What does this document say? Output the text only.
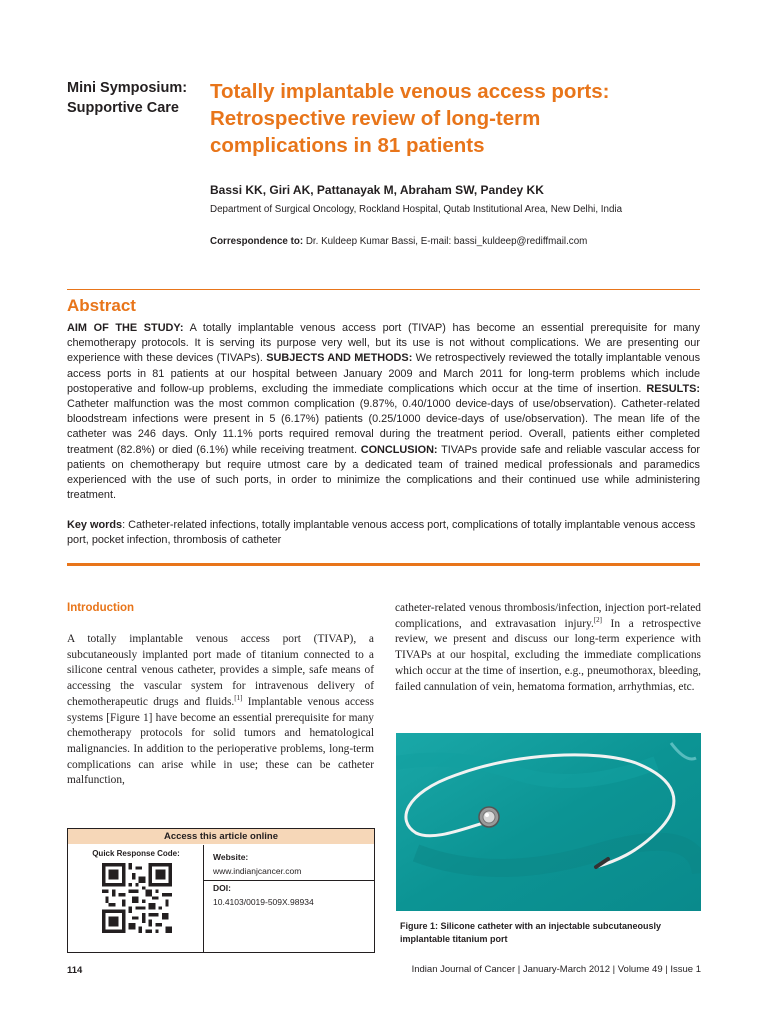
Mini Symposium: Supportive Care
Totally implantable venous access ports: Retrospective review of long-term complications in 81 patients
Bassi KK, Giri AK, Pattanayak M, Abraham SW, Pandey KK
Department of Surgical Oncology, Rockland Hospital, Qutab Institutional Area, New Delhi, India
Correspondence to: Dr. Kuldeep Kumar Bassi, E-mail: bassi_kuldeep@rediffmail.com
Abstract
AIM OF THE STUDY: A totally implantable venous access port (TIVAP) has become an essential prerequisite for many chemotherapy protocols. It is serving its purpose very well, but its use is not without complications. We are presenting our experience with these devices (TIVAPs). SUBJECTS AND METHODS: We retrospectively reviewed the totally implantable venous access ports in 81 patients at our hospital between January 2009 and March 2011 for long-term problems which include postoperative and follow-up problems, excluding the immediate complications which occur at the time of insertion. RESULTS: Catheter malfunction was the most common complication (9.87%, 0.40/1000 device-days of use/observation). Catheter-related bloodstream infections were present in 5 (6.17%) patients (0.25/1000 device-days of use/observation). The mean life of the catheter was 246 days. Only 11.1% ports required removal during the treatment period. Overall, patients either completed treatment (82.8%) or died (6.1%) while receiving treatment. CONCLUSION: TIVAPs provide safe and reliable vascular access for patients on chemotherapy but require utmost care by a dedicated team of trained medical professionals and paramedics experienced with the use of such ports, in order to minimize the complications and their continued use while administering treatment.
Key words: Catheter-related infections, totally implantable venous access port, complications of totally implantable venous access port, pocket infection, thrombosis of catheter
Introduction
A totally implantable venous access port (TIVAP), a subcutaneously implanted port made of titanium connected to a silicone central venous catheter, provides a simple, safe means of accessing the vascular system for intravenous delivery of chemotherapeutic drugs and fluids.[1] Implantable venous access systems [Figure 1] have become an essential prerequisite for many chemotherapy protocols for solid tumors and hematological malignancies. In addition to the perioperative problems, long-term complications can arise while in use; these can be catheter malfunction,
catheter-related venous thrombosis/infection, injection port-related complications, and extravasation injury.[2] In a retrospective review, we present and discuss our long-term experience with TIVAPs at our hospital, excluding the immediate complications which occur at the time of insertion, e.g., pneumothorax, bleeding, failed cannulation of vein, hematoma formation, arrhythmias, etc.
Access this article online
Quick Response Code:	Website:
www.indianjcancer.com
DOI:
10.4103/0019-509X.98934
Figure 1: Silicone catheter with an injectable subcutaneously implantable titanium port
114	Indian Journal of Cancer | January-March 2012 | Volume 49 | Issue 1
